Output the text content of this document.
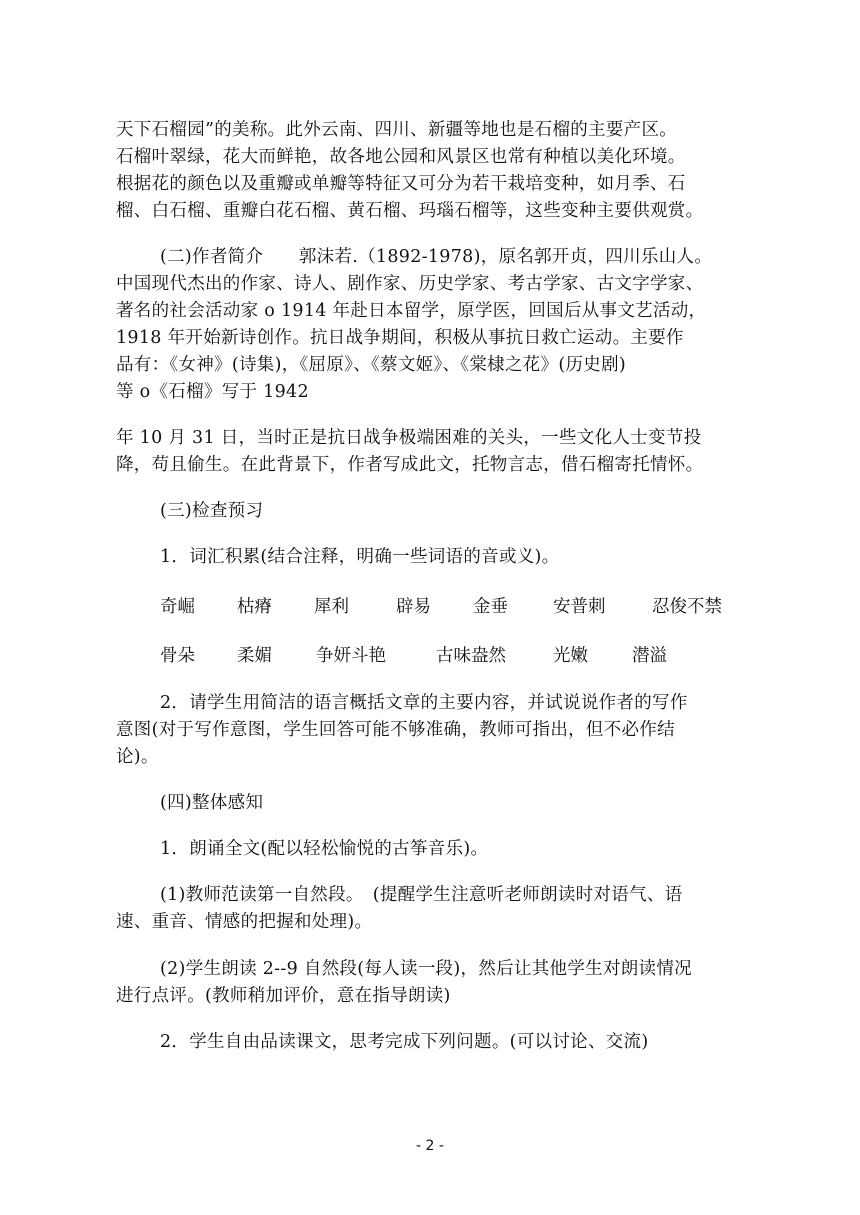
天下石榴园”的美称。此外云南、四川、新疆等地也是石榴的主要产区。

石榴叶翠绿，花大而鲜艳，故各地公园和风景区也常有种植以美化环境。

根据花的颜色以及重瓣或单瓣等特征又可分为若干栽培变种，如月季、石

榴、白石榴、重瓣白花石榴、黄石榴、玛瑙石榴等，这些变种主要供观赏。

(二)作者简介　　郭沫若.（1892-1978)，原名郭开贞，四川乐山人。

中国现代杰出的作家、诗人、剧作家、历史学家、考古学家、古文字学家、

著名的社会活动家 o 1914 年赴日本留学，原学医，回国后从事文艺活动，

1918 年开始新诗创作。抗日战争期间，积极从事抗日救亡运动。主要作

品有：《女神》(诗集)，《屈原》、《蔡文姬》、《棠棣之花》(历史剧)

等 o《石榴》写于 1942

年 10 月 31 日，当时正是抗日战争极端困难的关头，一些文化人士变节投

降，苟且偷生。在此背景下，作者写成此文，托物言志，借石榴寄托情怀。

(三)检查预习

1．词汇积累(结合注释，明确一些词语的音或义)。

奇崛 枯瘠 犀利	辟易 金垂	安普刺	忍俊不禁
骨朵 柔媚	争妍斗艳	古味盎然	光嫩	潜溢

2．请学生用简洁的语言概括文章的主要内容，并试说说作者的写作

意图(对于写作意图，学生回答可能不够准确，教师可指出，但不必作结

论)。

(四)整体感知

1．朗诵全文(配以轻松愉悦的古筝音乐)。

(1)教师范读第一自然段。　(提醒学生注意听老师朗读时对语气、语

速、重音、情感的把握和处理)。

(2)学生朗读 2--9 自然段(每人读一段)，然后让其他学生对朗读情况

进行点评。(教师稍加评价，意在指导朗读)

2．学生自由品读课文，思考完成下列问题。(可以讨论、交流)

- 2 -
